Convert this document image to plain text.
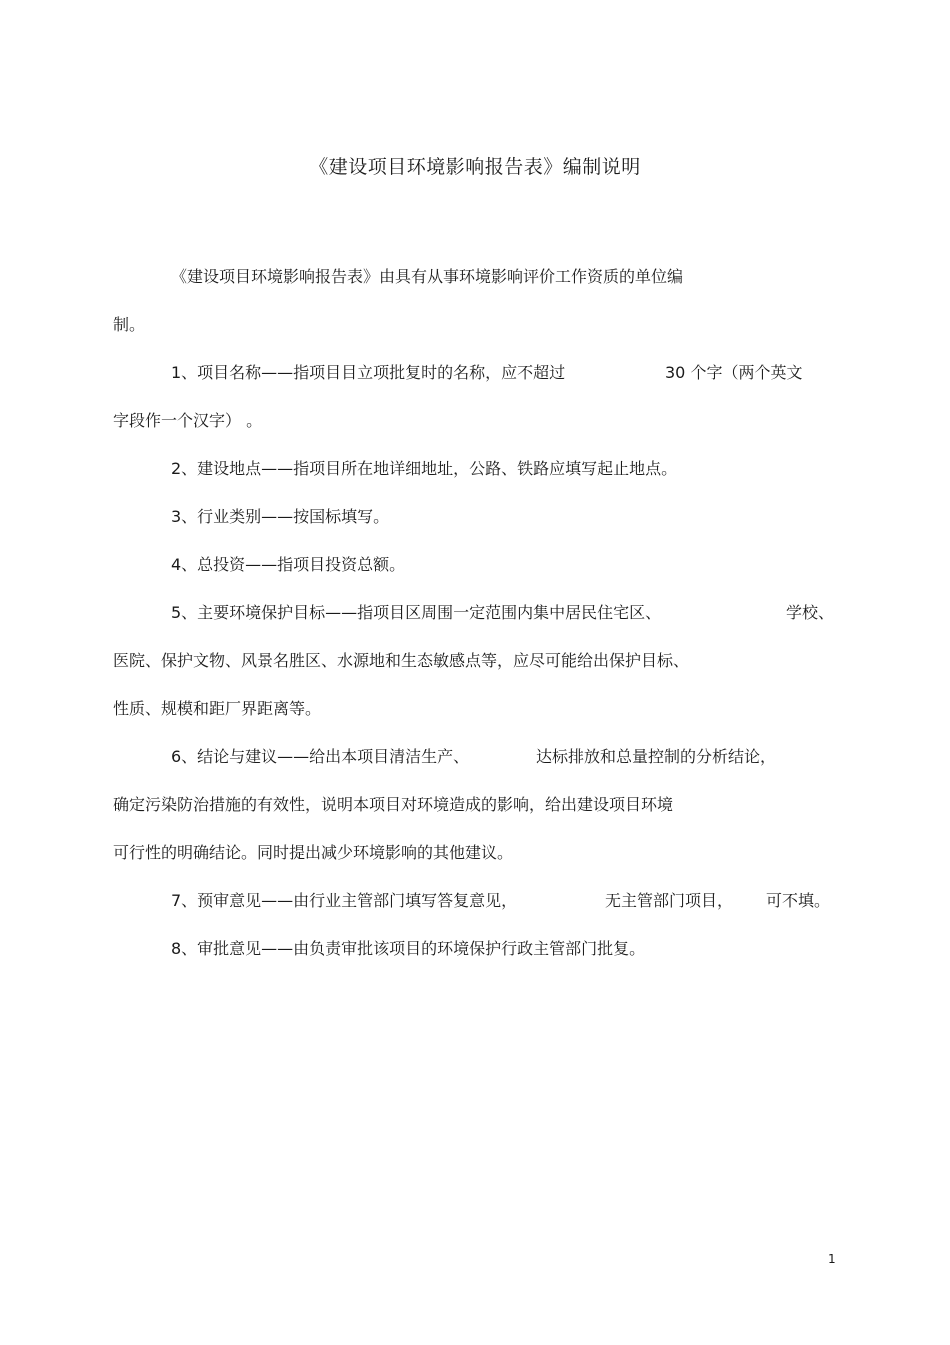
《建设项目环境影响报告表》编制说明
《建设项目环境影响报告表》由具有从事环境影响评价工作资质的单位编
制。
1、项目名称——指项目目立项批复时的名称，应不超过	30 个字（两个英文
字段作一个汉字） 。
2、建设地点——指项目所在地详细地址，公路、铁路应填写起止地点。
3、行业类别——按国标填写。
4、总投资——指项目投资总额。
5、主要环境保护目标——指项目区周围一定范围内集中居民住宅区、	学校、
医院、保护文物、风景名胜区、水源地和生态敏感点等，应尽可能给出保护目标、
性质、规模和距厂界距离等。
6、结论与建议——给出本项目清洁生产、	达标排放和总量控制的分析结论，
确定污染防治措施的有效性，说明本项目对环境造成的影响，给出建设项目环境
可行性的明确结论。同时提出减少环境影响的其他建议。
7、预审意见——由行业主管部门填写答复意见，	无主管部门项目， 可不填。
8、审批意见——由负责审批该项目的环境保护行政主管部门批复。
1
